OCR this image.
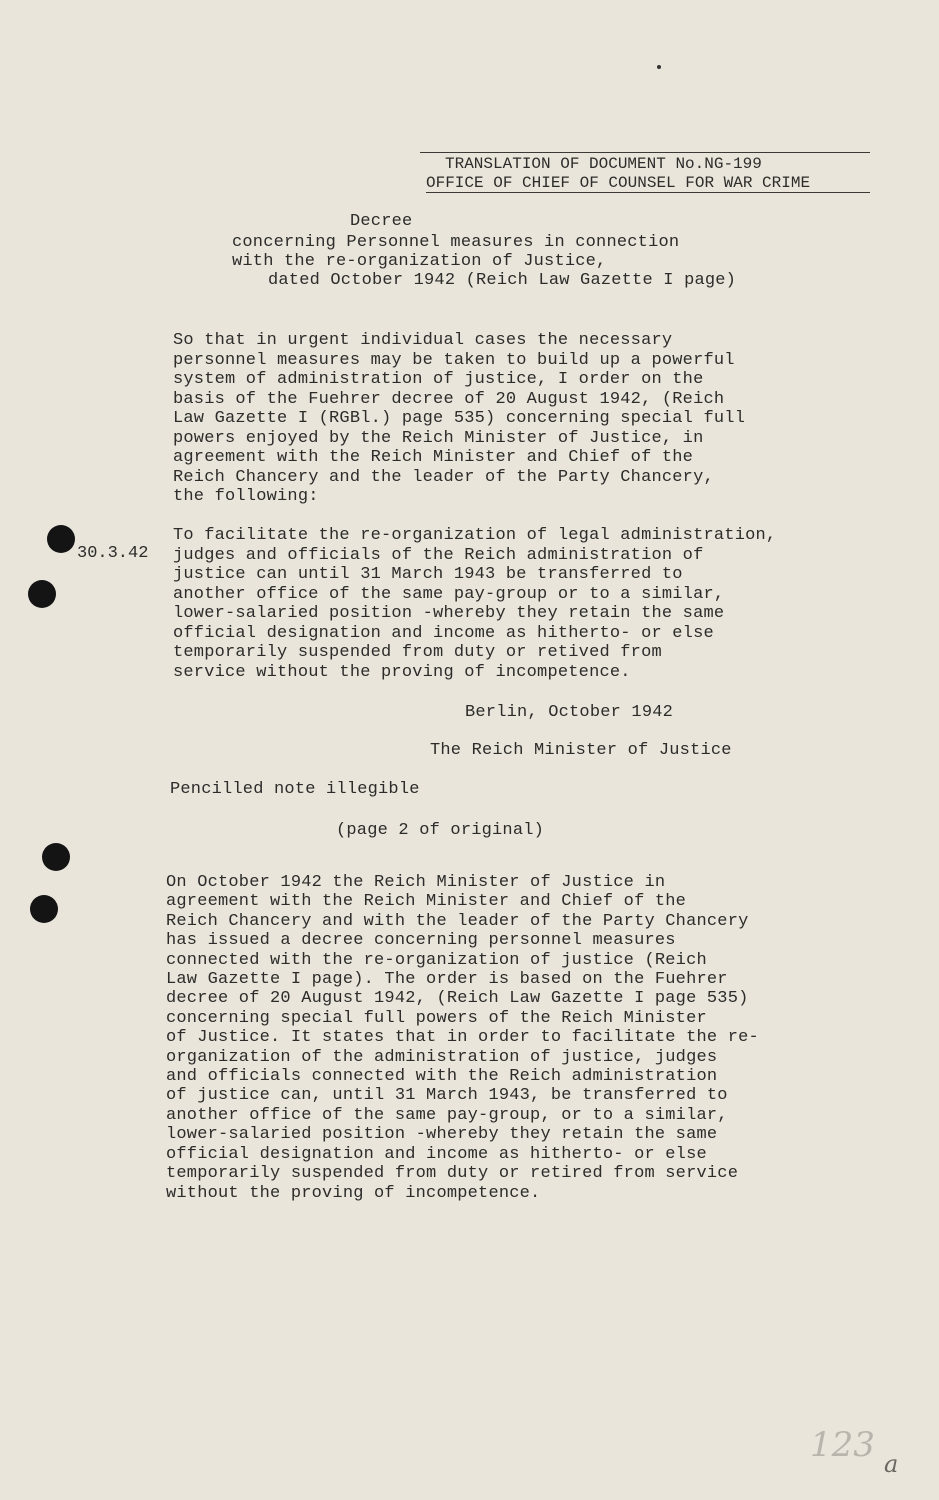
TRANSLATION OF DOCUMENT No.NG-199
OFFICE OF CHIEF OF COUNSEL FOR WAR CRIME
Decree
concerning Personnel measures in connection
with the re-organization of Justice,
dated October 1942 (Reich Law Gazette I page)
So that in urgent individual cases the necessary
personnel measures may be taken to build up a powerful
system of administration of justice, I order on the
basis of the Fuehrer decree of 20 August 1942, (Reich
Law Gazette I (RGBl.) page 535) concerning special full
powers enjoyed by the Reich Minister of Justice, in
agreement with the Reich Minister and Chief of the
Reich Chancery and the leader of the Party Chancery,
the following:
30.3.42
To facilitate the re-organization of legal administration,
judges and officials of the Reich administration of
justice can until 31 March 1943 be transferred to
another office of the same pay-group or to a similar,
lower-salaried position -whereby they retain the same
official designation and income as hitherto- or else
temporarily suspended from duty or retived from
service without the proving of incompetence.
Berlin, October 1942
The Reich Minister of Justice
Pencilled note illegible
(page 2 of original)
On October 1942 the Reich Minister of Justice in
agreement with the Reich Minister and Chief of the
Reich Chancery and with the leader of the Party Chancery
has issued a decree concerning personnel measures
connected with the re-organization of justice (Reich
Law Gazette I page). The order is based on the Fuehrer
decree of 20 August 1942, (Reich Law Gazette I page 535)
concerning special full powers of the Reich Minister
of Justice. It states that in order to facilitate the re-
organization of the administration of justice, judges
and officials connected with the Reich administration
of justice can, until 31 March 1943, be transferred to
another office of the same pay-group, or to a similar,
lower-salaried position -whereby they retain the same
official designation and income as hitherto- or else
temporarily suspended from duty or retired from service
without the proving of incompetence.
123 a
